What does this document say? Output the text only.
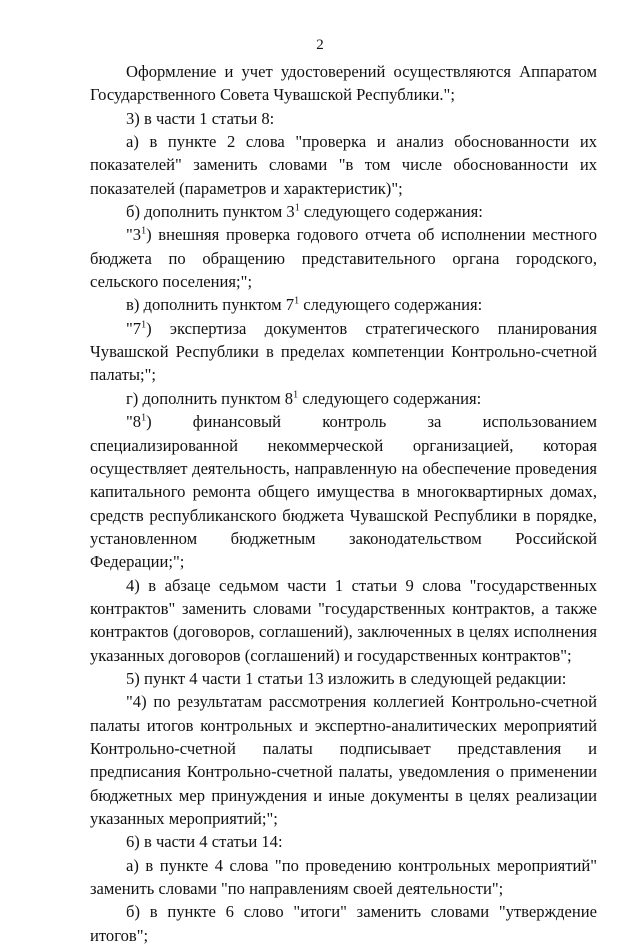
2

Оформление и учет удостоверений осуществляются Аппаратом Государственного Совета Чувашской Республики.";

3) в части 1 статьи 8:

а) в пункте 2 слова "проверка и анализ обоснованности их показателей" заменить словами "в том числе обоснованности их показателей (параметров и характеристик)";

б) дополнить пунктом $3^1$ следующего содержания:

"$3^1$) внешняя проверка годового отчета об исполнении местного бюджета по обращению представительного органа городского, сельского поселения;";

в) дополнить пунктом $7^1$ следующего содержания:

"$7^1$) экспертиза документов стратегического планирования Чувашской Республики в пределах компетенции Контрольно-счетной палаты;";

г) дополнить пунктом $8^1$ следующего содержания:

"$8^1$) финансовый контроль за использованием специализированной некоммерческой организацией, которая осуществляет деятельность, направленную на обеспечение проведения капитального ремонта общего имущества в многоквартирных домах, средств республиканского бюджета Чувашской Республики в порядке, установленном бюджетным законодательством Российской Федерации;";

4) в абзаце седьмом части 1 статьи 9 слова "государственных контрактов" заменить словами "государственных контрактов, а также контрактов (договоров, соглашений), заключенных в целях исполнения указанных договоров (соглашений) и государственных контрактов";

5) пункт 4 части 1 статьи 13 изложить в следующей редакции:

"4) по результатам рассмотрения коллегией Контрольно-счетной палаты итогов контрольных и экспертно-аналитических мероприятий Контрольно-счетной палаты подписывает представления и предписания Контрольно-счетной палаты, уведомления о применении бюджетных мер принуждения и иные документы в целях реализации указанных мероприятий;";

6) в части 4 статьи 14:

а) в пункте 4 слова "по проведению контрольных мероприятий" заменить словами "по направлениям своей деятельности";

б) в пункте 6 слово "итоги" заменить словами "утверждение итогов";
